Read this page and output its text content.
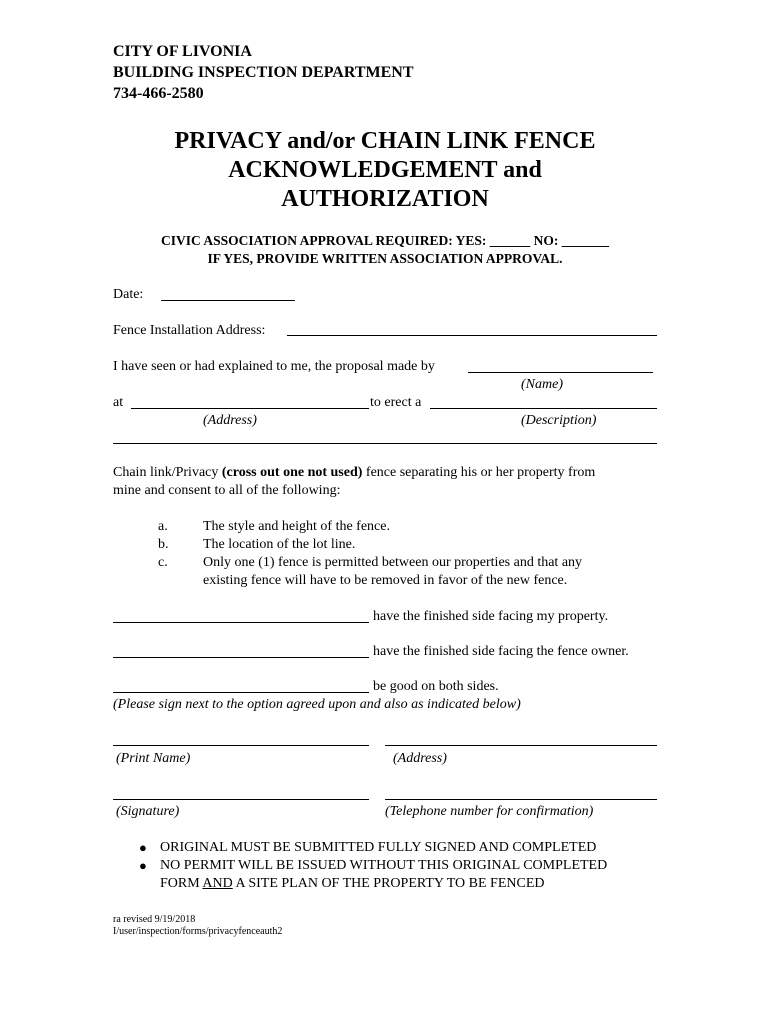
CITY OF LIVONIA
BUILDING INSPECTION DEPARTMENT
734-466-2580
PRIVACY and/or CHAIN LINK FENCE
ACKNOWLEDGEMENT and
AUTHORIZATION
CIVIC ASSOCIATION APPROVAL REQUIRED: YES: ______ NO: _______
IF YES, PROVIDE WRITTEN ASSOCIATION APPROVAL.
Date:
Fence Installation Address:
I have seen or had explained to me, the proposal made by
(Name)
at	to erect a
(Address)	(Description)
Chain link/Privacy (cross out one not used) fence separating his or her property from
mine and consent to all of the following:
a.	The style and height of the fence.
b. The location of the lot line.
c.	Only one (1) fence is permitted between our properties and that any
existing fence will have to be removed in favor of the new fence.
have the finished side facing my property.
have the finished side facing the fence owner.
be good on both sides.
(Please sign next to the option agreed upon and also as indicated below)
(Print Name)	(Address)
(Signature)	(Telephone number for confirmation)
● ORIGINAL MUST BE SUBMITTED FULLY SIGNED AND COMPLETED
● NO PERMIT WILL BE ISSUED WITHOUT THIS ORIGINAL COMPLETED
FORM AND A SITE PLAN OF THE PROPERTY TO BE FENCED
ra revised 9/19/2018
I/user/inspection/forms/privacyfenceauth2
